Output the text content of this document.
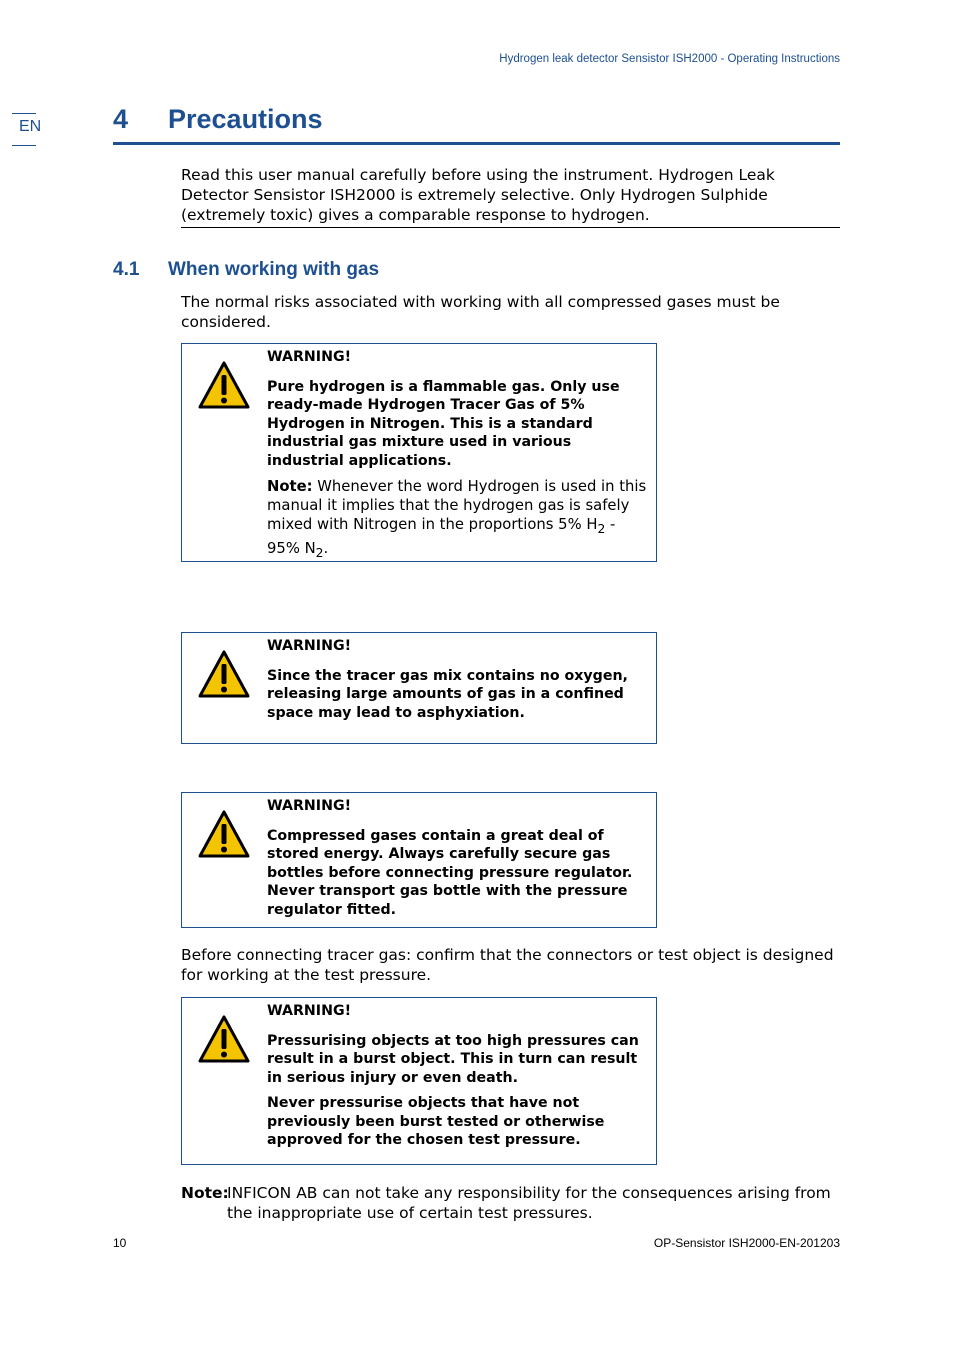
Hydrogen leak detector Sensistor ISH2000 - Operating Instructions
EN	4 Precautions
Read this user manual carefully before using the instrument. Hydrogen Leak Detector Sensistor ISH2000 is extremely selective. Only Hydrogen Sulphide (extremely toxic) gives a comparable response to hydrogen.
4.1 When working with gas
The normal risks associated with working with all compressed gases must be considered.
WARNING!

Pure hydrogen is a flammable gas. Only use ready-made Hydrogen Tracer Gas of 5% Hydrogen in Nitrogen. This is a standard industrial gas mixture used in various industrial applications.

Note: Whenever the word Hydrogen is used in this manual it implies that the hydrogen gas is safely mixed with Nitrogen in the proportions 5% $H_2 - 95\%$ $N_2$.
WARNING!

Since the tracer gas mix contains no oxygen, releasing large amounts of gas in a confined space may lead to asphyxiation.

WARNING!

Compressed gases contain a great deal of stored energy. Always carefully secure gas bottles before connecting pressure regulator. Never transport gas bottle with the pressure regulator fitted.

Before connecting tracer gas: confirm that the connectors or test object is designed for working at the test pressure.
WARNING!

Pressurising objects at too high pressures can result in a burst object. This in turn can result in serious injury or even death.

Never pressurise objects that have not previously been burst tested or otherwise approved for the chosen test pressure.

Note:
INFICON AB can not take any responsibility for the consequences arising from the inappropriate use of certain test pressures.
10	OP-Sensistor ISH2000-EN-201203
